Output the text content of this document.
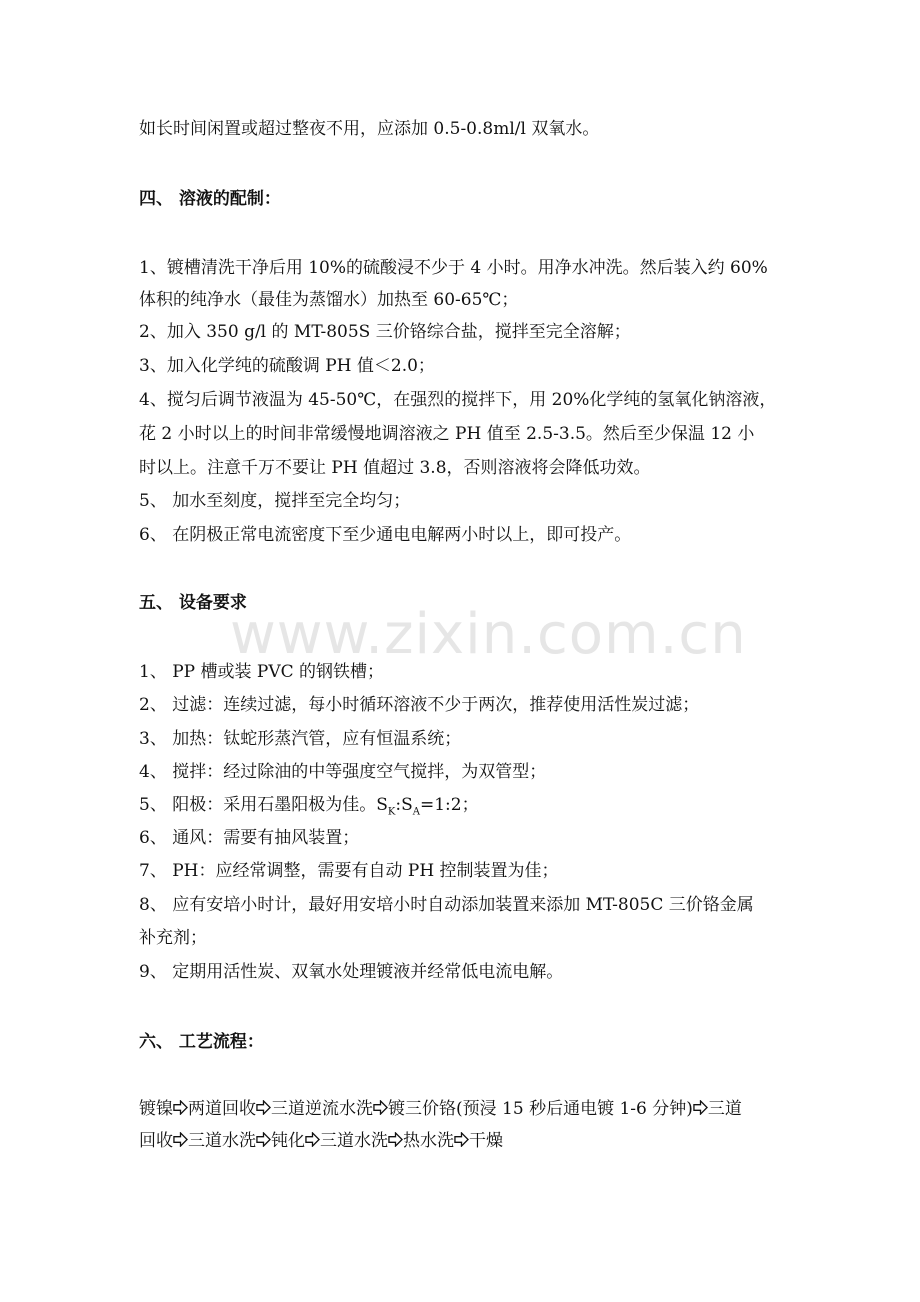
www.zixin.com.cn
如长时间闲置或超过整夜不用，应添加 0.5-0.8ml/l 双氧水。
四、 溶液的配制：
1、镀槽清洗干净后用 10%的硫酸浸不少于 4 小时。用净水冲洗。然后装入约 60%
体积的纯净水（最佳为蒸馏水）加热至 60-65℃；
2、加入 350 g/l 的 MT-805S 三价铬综合盐，搅拌至完全溶解；
3、加入化学纯的硫酸调 PH 值＜2.0；
4、搅匀后调节液温为 45-50℃，在强烈的搅拌下，用 20%化学纯的氢氧化钠溶液，
花 2 小时以上的时间非常缓慢地调溶液之 PH 值至 2.5-3.5。然后至少保温 12 小
时以上。注意千万不要让 PH 值超过 3.8，否则溶液将会降低功效。
5、 加水至刻度，搅拌至完全均匀；
6、 在阴极正常电流密度下至少通电电解两小时以上，即可投产。
五、 设备要求
1、 PP 槽或装 PVC 的钢铁槽；
2、 过滤：连续过滤，每小时循环溶液不少于两次，推荐使用活性炭过滤；
3、 加热：钛蛇形蒸汽管，应有恒温系统；
4、 搅拌：经过除油的中等强度空气搅拌，为双管型；
5、 阳极：采用石墨阳极为佳。$S_K:S_A=1:2$；
6、 通风：需要有抽风装置；
7、 PH：应经常调整，需要有自动 PH 控制装置为佳；
8、 应有安培小时计，最好用安培小时自动添加装置来添加 MT-805C 三价铬金属
补充剂；
9、 定期用活性炭、双氧水处理镀液并经常低电流电解。
六、 工艺流程：
镀镍 两道回收 三道逆流水洗 镀三价铬(预浸 15 秒后通电镀 1-6 分钟) 三道
回收 三道水洗 钝化 三道水洗 热水洗 干燥
